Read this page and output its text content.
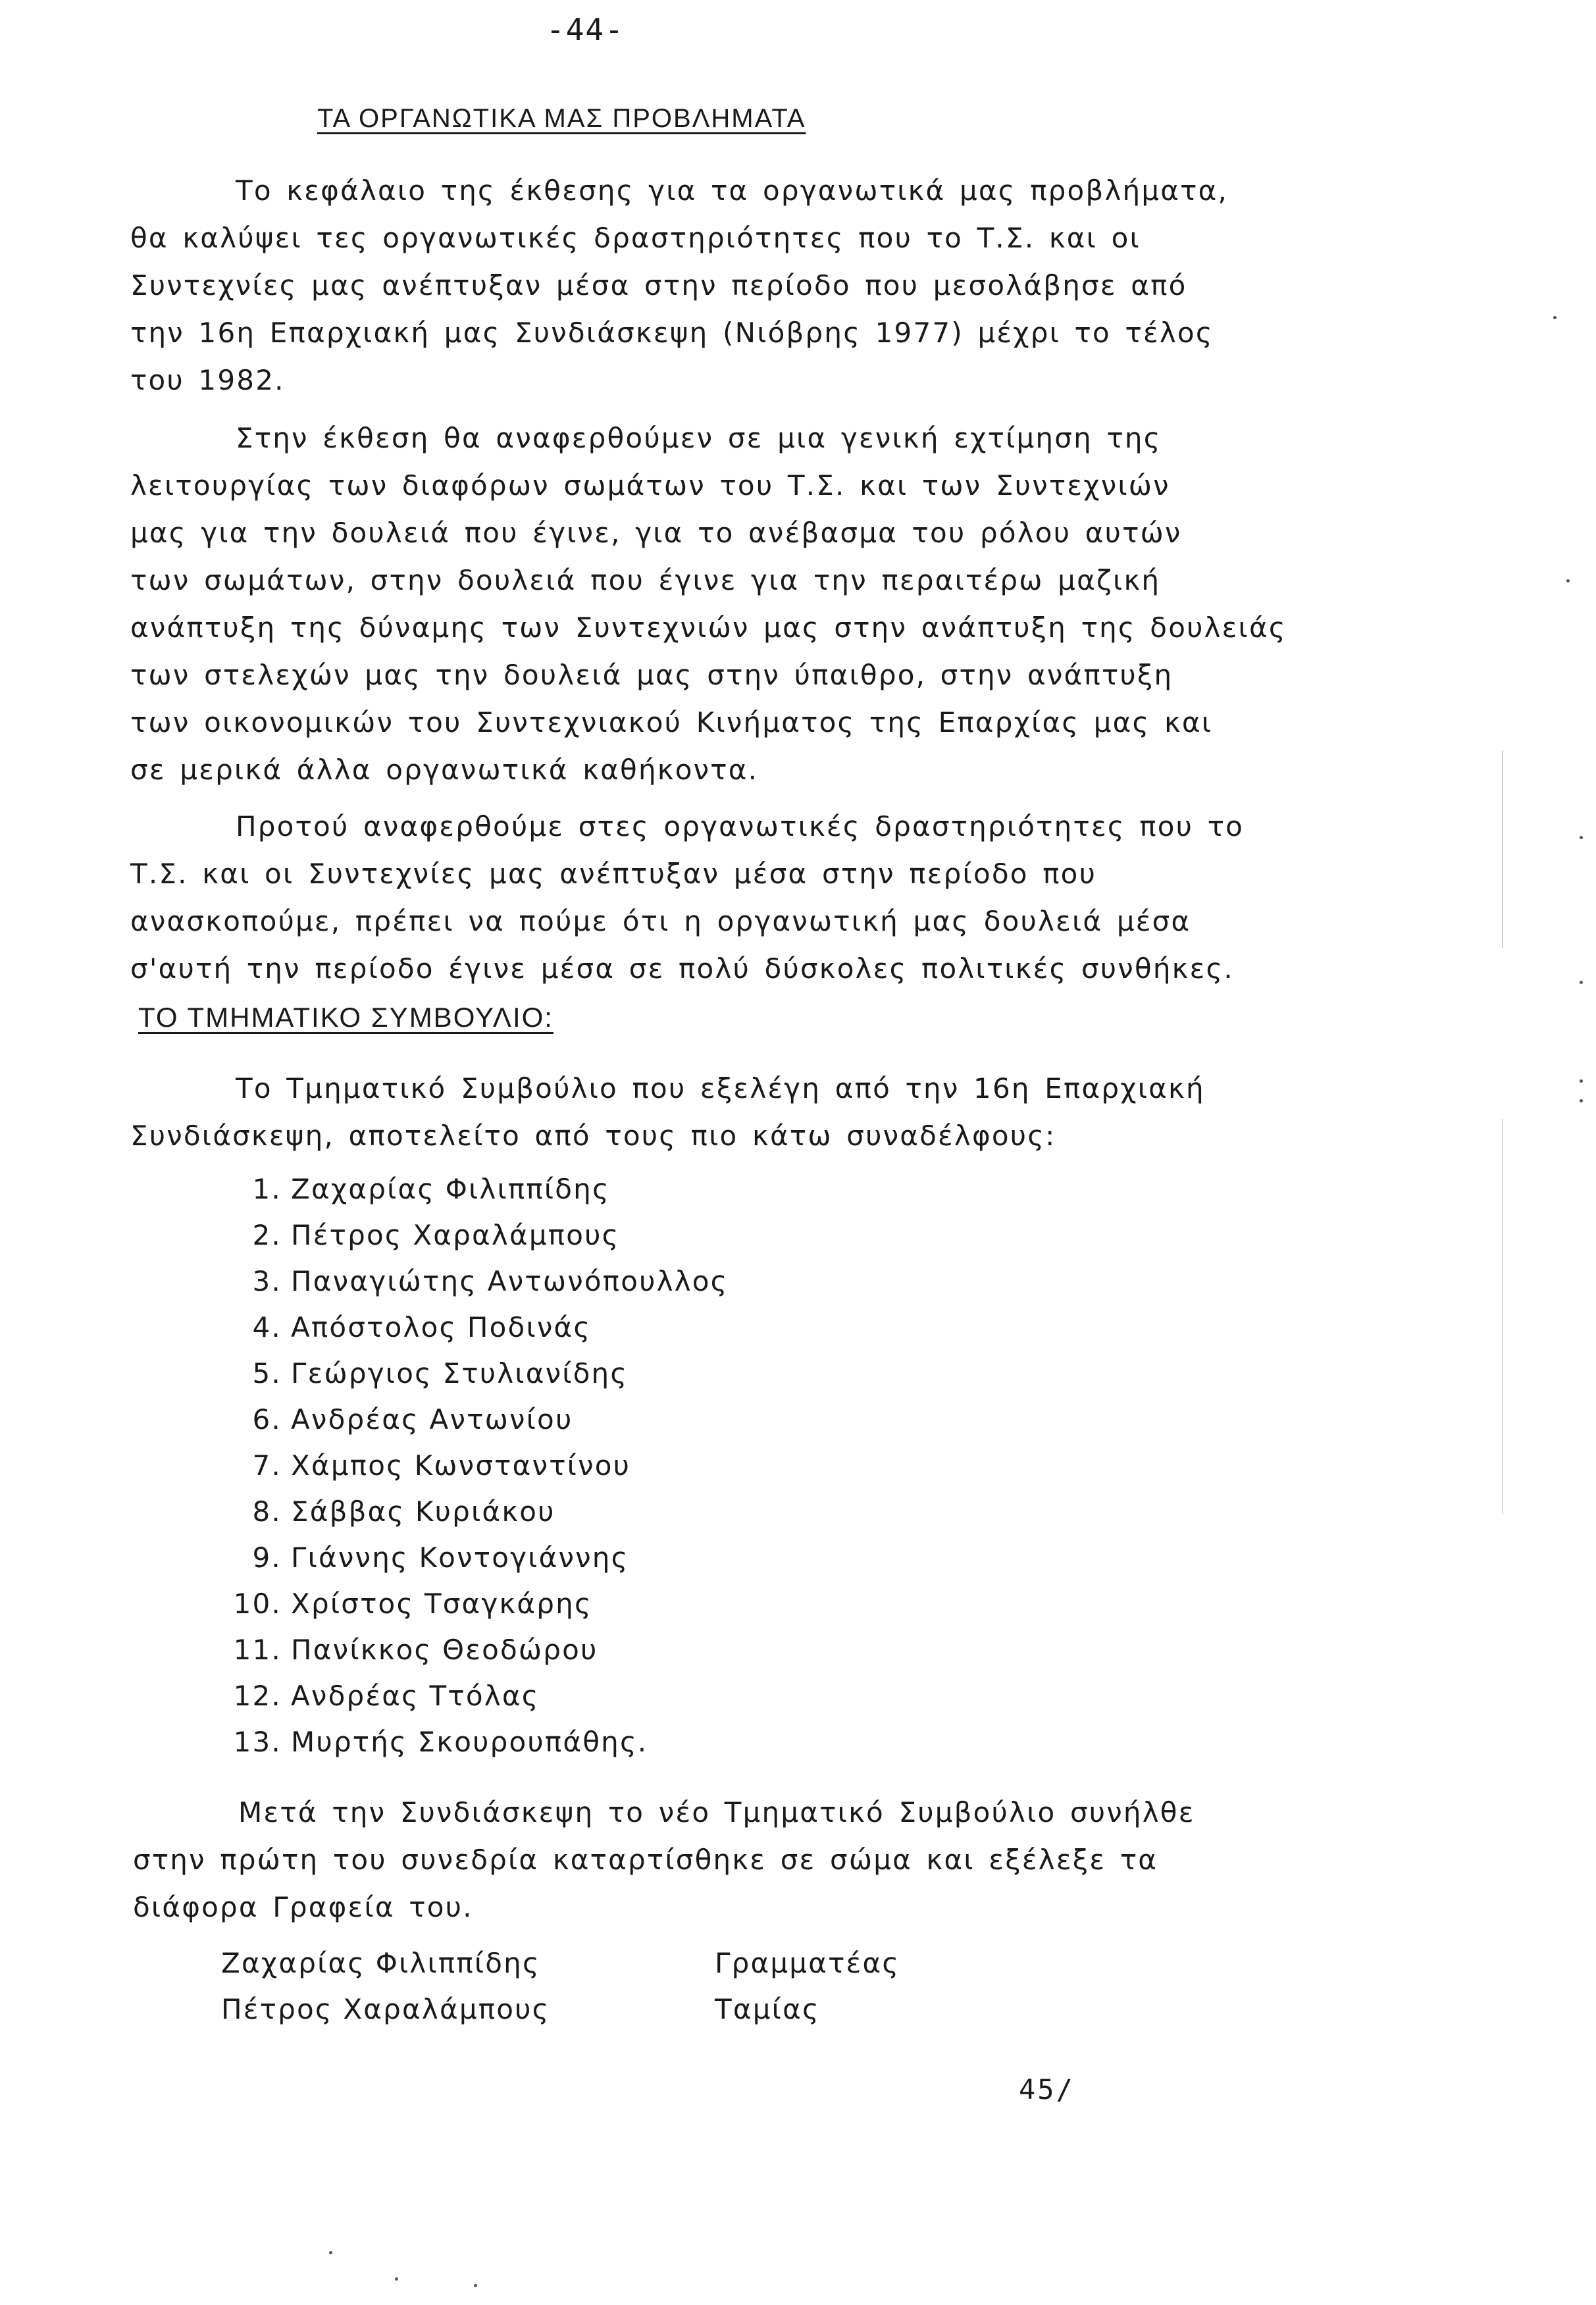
-44-
ΤΑ ΟΡΓΑΝΩΤΙΚΑ ΜΑΣ ΠΡΟΒΛΗΜΑΤΑ
Το κεφάλαιο της έκθεσης για τα οργανωτικά μας προβλήματα,
θα καλύψει τες οργανωτικές δραστηριότητες που το Τ.Σ. και οι
Συντεχνίες μας ανέπτυξαν μέσα στην περίοδο που μεσολάβησε από
την 16η Επαρχιακή μας Συνδιάσκεψη (Νιόβρης 1977) μέχρι το τέλος
του 1982.
Στην έκθεση θα αναφερθούμεν σε μια γενική εχτίμηση της
λειτουργίας των διαφόρων σωμάτων του Τ.Σ. και των Συντεχνιών
μας για την δουλειά που έγινε, για το ανέβασμα του ρόλου αυτών
των σωμάτων, στην δουλειά που έγινε για την περαιτέρω μαζική
ανάπτυξη της δύναμης των Συντεχνιών μας στην ανάπτυξη της δουλειάς
των στελεχών μας την δουλειά μας στην ύπαιθρο, στην ανάπτυξη
των οικονομικών του Συντεχνιακού Κινήματος της Επαρχίας μας και
σε μερικά άλλα οργανωτικά καθήκοντα.
Προτού αναφερθούμε στες οργανωτικές δραστηριότητες που το
Τ.Σ. και οι Συντεχνίες μας ανέπτυξαν μέσα στην περίοδο που
ανασκοπούμε, πρέπει να πούμε ότι η οργανωτική μας δουλειά μέσα
σ'αυτή την περίοδο έγινε μέσα σε πολύ δύσκολες πολιτικές συνθήκες.
ΤΟ ΤΜΗΜΑΤΙΚΟ ΣΥΜΒΟΥΛΙΟ:
Το Τμηματικό Συμβούλιο που εξελέγη από την 16η Επαρχιακή
Συνδιάσκεψη, αποτελείτο από τους πιο κάτω συναδέλφους:
1. Ζαχαρίας Φιλιππίδης
2. Πέτρος Χαραλάμπους
3. Παναγιώτης Αντωνόπουλλος
4. Απόστολος Ποδινάς
5. Γεώργιος Στυλιανίδης
6. Ανδρέας Αντωνίου
7. Χάμπος Κωνσταντίνου
8. Σάββας Κυριάκου
9. Γιάννης Κοντογιάννης
10. Χρίστος Τσαγκάρης
11. Πανίκκος Θεοδώρου
12. Ανδρέας Ττόλας
13. Μυρτής Σκουρουπάθης.
Μετά την Συνδιάσκεψη το νέο Τμηματικό Συμβούλιο συνήλθε
στην πρώτη του συνεδρία καταρτίσθηκε σε σώμα και εξέλεξε τα
διάφορα Γραφεία του.
Ζαχαρίας Φιλιππίδης	Γραμματέας
Πέτρος Χαραλάμπους	Ταμίας
45/
